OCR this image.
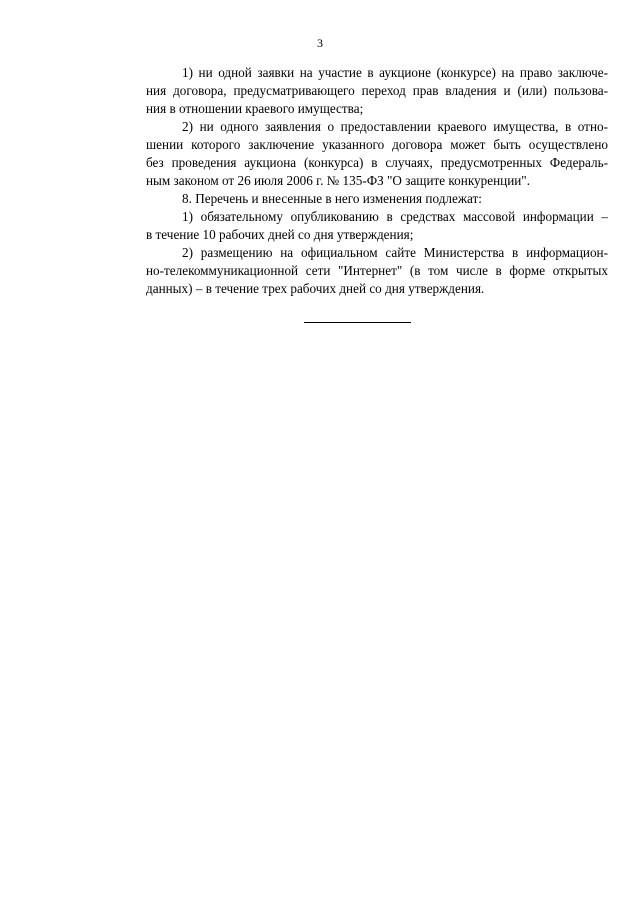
3

1) ни одной заявки на участие в аукционе (конкурсе) на право заключе-
ния договора, предусматривающего переход прав владения и (или) пользова-
ния в отношении краевого имущества;

2) ни одного заявления о предоставлении краевого имущества, в отно-
шении которого заключение указанного договора может быть осуществлено
без проведения аукциона (конкурса) в случаях, предусмотренных Федераль-
ным законом от 26 июля 2006 г. № 135-ФЗ "О защите конкуренции".

8. Перечень и внесенные в него изменения подлежат:

1) обязательному опубликованию в средствах массовой информации –
в течение 10 рабочих дней со дня утверждения;

2) размещению на официальном сайте Министерства в информацион-
но-телекоммуникационной сети "Интернет" (в том числе в форме открытых
данных) – в течение трех рабочих дней со дня утверждения.
